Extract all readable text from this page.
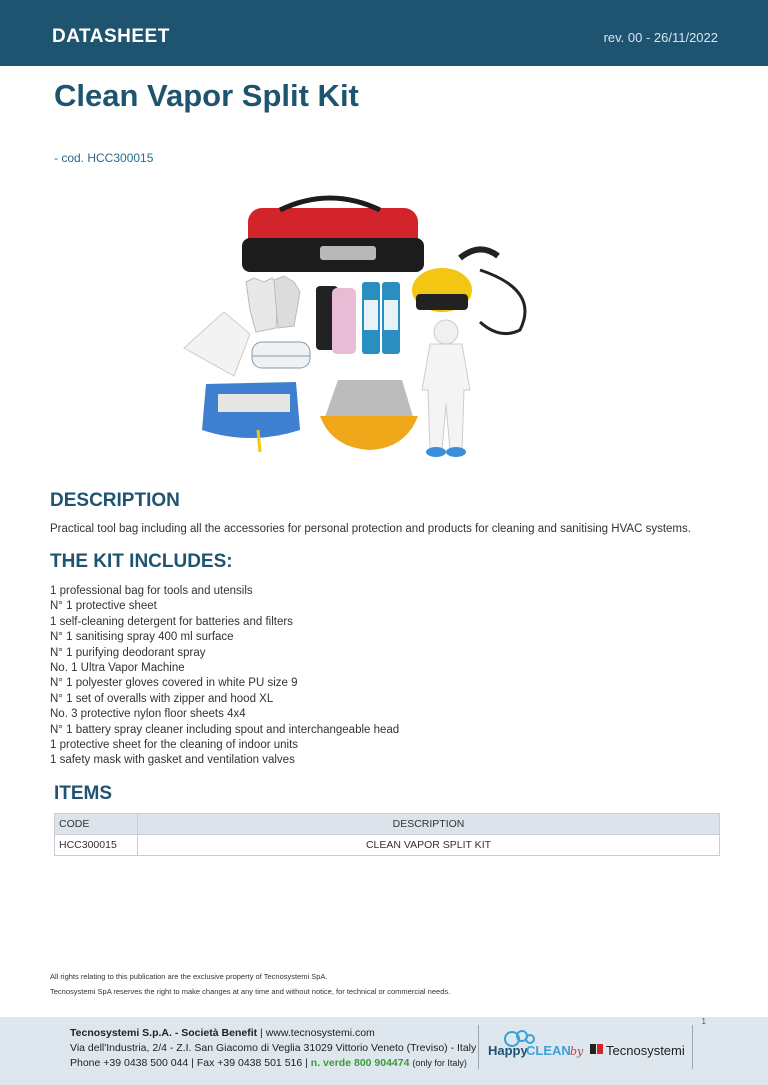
DATASHEET	rev. 00 - 26/11/2022
Clean Vapor Split Kit
- cod. HCC300015
DESCRIPTION
Practical tool bag including all the accessories for personal protection and products for cleaning and sanitising HVAC systems.
THE KIT INCLUDES:
1 professional bag for tools and utensils
N° 1 protective sheet
1 self-cleaning detergent for batteries and filters
N° 1 sanitising spray 400 ml surface
N° 1 purifying deodorant spray
No. 1 Ultra Vapor Machine
N° 1 polyester gloves covered in white PU size 9
N° 1 set of overalls with zipper and hood XL
No. 3 protective nylon floor sheets 4x4
N° 1 battery spray cleaner including spout and interchangeable head
1 protective sheet for the cleaning of indoor units
1 safety mask with gasket and ventilation valves
ITEMS
CODE	DESCRIPTION
HCC300015	CLEAN VAPOR SPLIT KIT
All rights relating to this publication are the exclusive property of Tecnosystemi SpA.
Tecnosystemi SpA reserves the right to make changes at any time and without notice, for technical or commercial needs.
1
Tecnosystemi S.p.A. - Società Benefit | www.tecnosystemi.com
Via dell'Industria, 2/4 - Z.I. San Giacomo di Veglia 31029 Vittorio Veneto (Treviso) - Italy
Phone +39 0438 500 044 | Fax +39 0438 501 516 | n. verde 800 904474 (only for Italy)
Happy
CLEAN by Tecnosystemi
